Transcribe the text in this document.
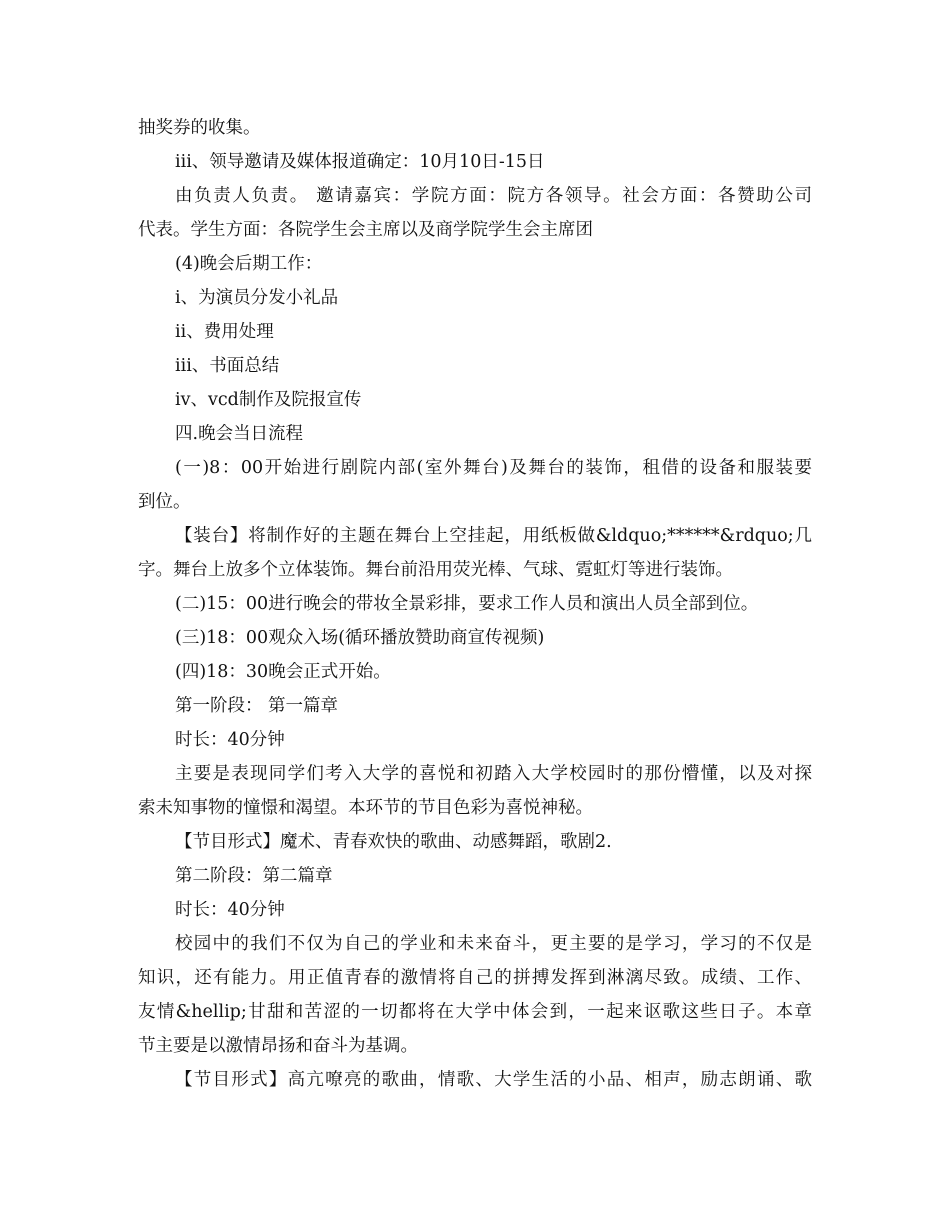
抽奖券的收集。
iii、领导邀请及媒体报道确定：10月10日-15日
由负责人负责。 邀请嘉宾：学院方面：院方各领导。社会方面：各赞助公司
代表。学生方面：各院学生会主席以及商学院学生会主席团
(4)晚会后期工作：
ⅰ、为演员分发小礼品
ⅱ、费用处理
iii、书面总结
iv、vcd制作及院报宣传
四.晚会当日流程
(一)8：00开始进行剧院内部(室外舞台)及舞台的装饰，租借的设备和服装要
到位。
【装台】将制作好的主题在舞台上空挂起，用纸板做&ldquo;******&rdquo;几
字。舞台上放多个立体装饰。舞台前沿用荧光棒、气球、霓虹灯等进行装饰。
(二)15：00进行晚会的带妆全景彩排，要求工作人员和演出人员全部到位。
(三)18：00观众入场(循环播放赞助商宣传视频)
(四)18：30晚会正式开始。
第一阶段： 第一篇章
时长：40分钟
主要是表现同学们考入大学的喜悦和初踏入大学校园时的那份懵懂，以及对探
索未知事物的憧憬和渴望。本环节的节目色彩为喜悦神秘。
【节目形式】魔术、青春欢快的歌曲、动感舞蹈，歌剧2.
第二阶段：第二篇章
时长：40分钟
校园中的我们不仅为自己的学业和未来奋斗，更主要的是学习，学习的不仅是
知识，还有能力。用正值青春的激情将自己的拼搏发挥到淋漓尽致。成绩、工作、
友情&hellip;甘甜和苦涩的一切都将在大学中体会到，一起来讴歌这些日子。本章
节主要是以激情昂扬和奋斗为基调。
【节目形式】高亢嘹亮的歌曲，情歌、大学生活的小品、相声，励志朗诵、歌
